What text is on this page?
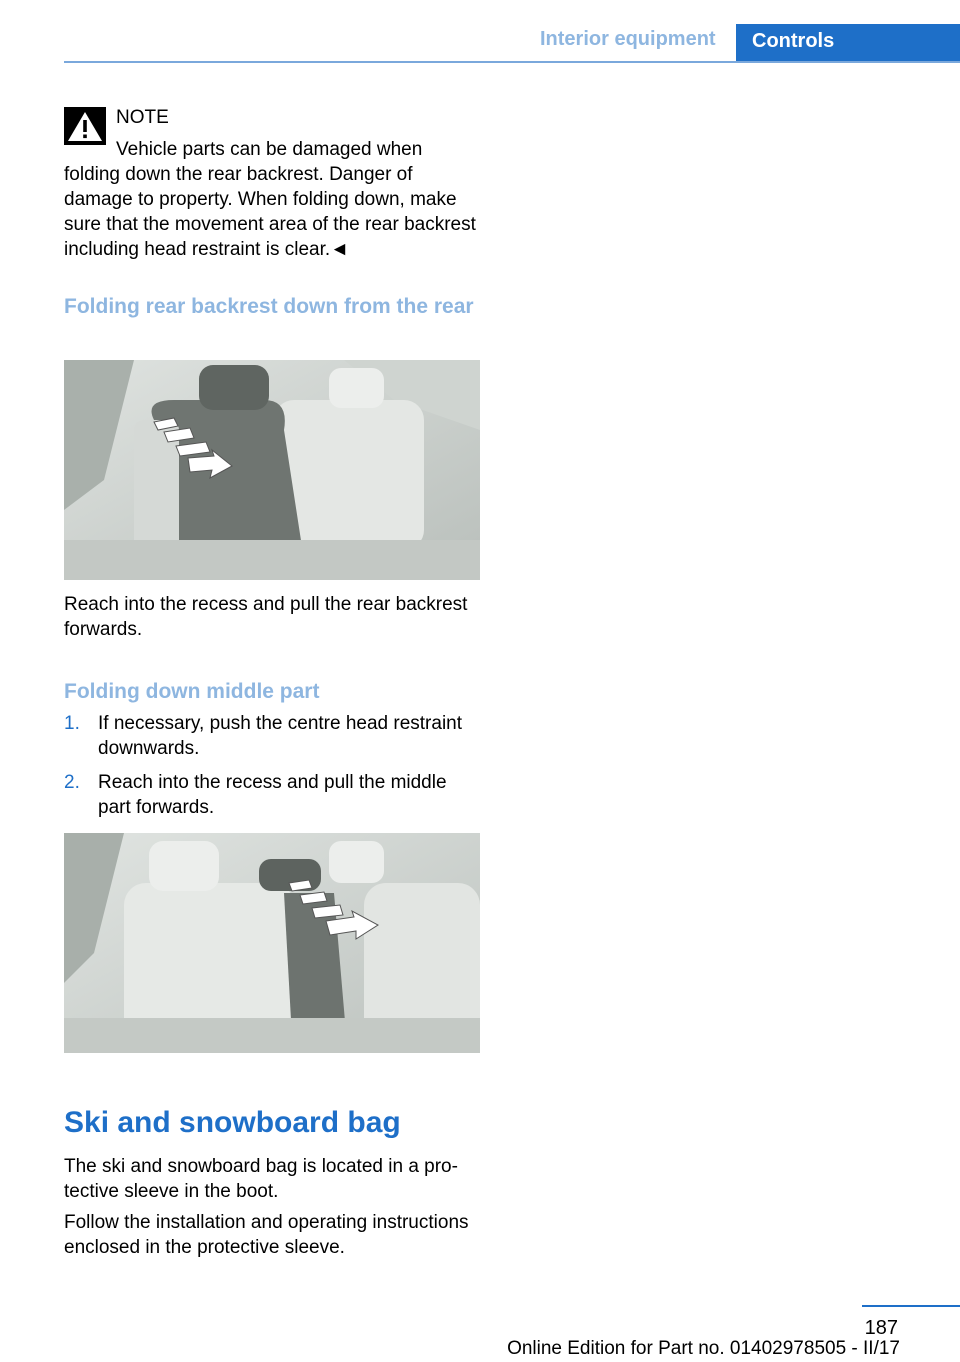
Interior equipment Controls
NOTE
Vehicle parts can be damaged when
folding down the rear backrest. Danger of damage to property. When folding down, make sure that the movement area of the rear backrest including head restraint is clear.◄
Folding rear backrest down from the rear

Reach into the recess and pull the rear backrest forwards.

Folding down middle part
1. If necessary, push the centre head restraint downwards.
2. Reach into the recess and pull the middle part forwards.
Ski and snowboard bag

The ski and snowboard bag is located in a protective sleeve in the boot.

Follow the installation and operating instructions enclosed in the protective sleeve.

187
Online Edition for Part no. 01402978505 - II/17
